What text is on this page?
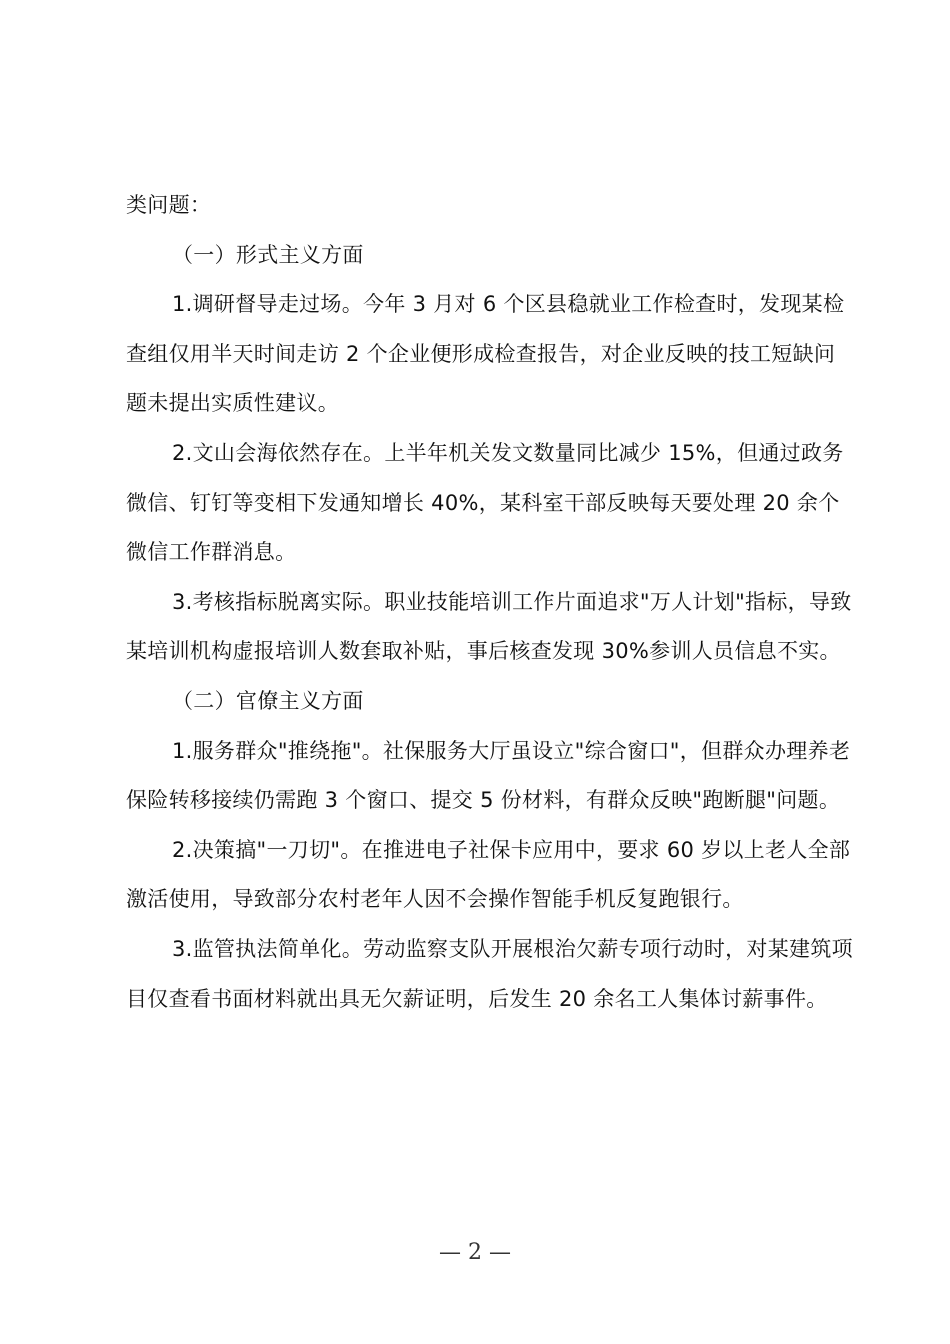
类问题：

（一）形式主义方面

1.调研督导走过场。今年 3 月对 6 个区县稳就业工作检查时，发现某检查组仅用半天时间走访 2 个企业便形成检查报告，对企业反映的技工短缺问题未提出实质性建议。

2.文山会海依然存在。上半年机关发文数量同比减少 15%，但通过政务微信、钉钉等变相下发通知增长 40%，某科室干部反映每天要处理 20 余个微信工作群消息。

3.考核指标脱离实际。职业技能培训工作片面追求"万人计划"指标，导致某培训机构虚报培训人数套取补贴，事后核查发现 30%参训人员信息不实。

（二）官僚主义方面

1.服务群众"推绕拖"。社保服务大厅虽设立"综合窗口"，但群众办理养老保险转移接续仍需跑 3 个窗口、提交 5 份材料，有群众反映"跑断腿"问题。

2.决策搞"一刀切"。在推进电子社保卡应用中，要求 60 岁以上老人全部激活使用，导致部分农村老年人因不会操作智能手机反复跑银行。

3.监管执法简单化。劳动监察支队开展根治欠薪专项行动时，对某建筑项目仅查看书面材料就出具无欠薪证明，后发生 20 余名工人集体讨薪事件。

— 2 —
